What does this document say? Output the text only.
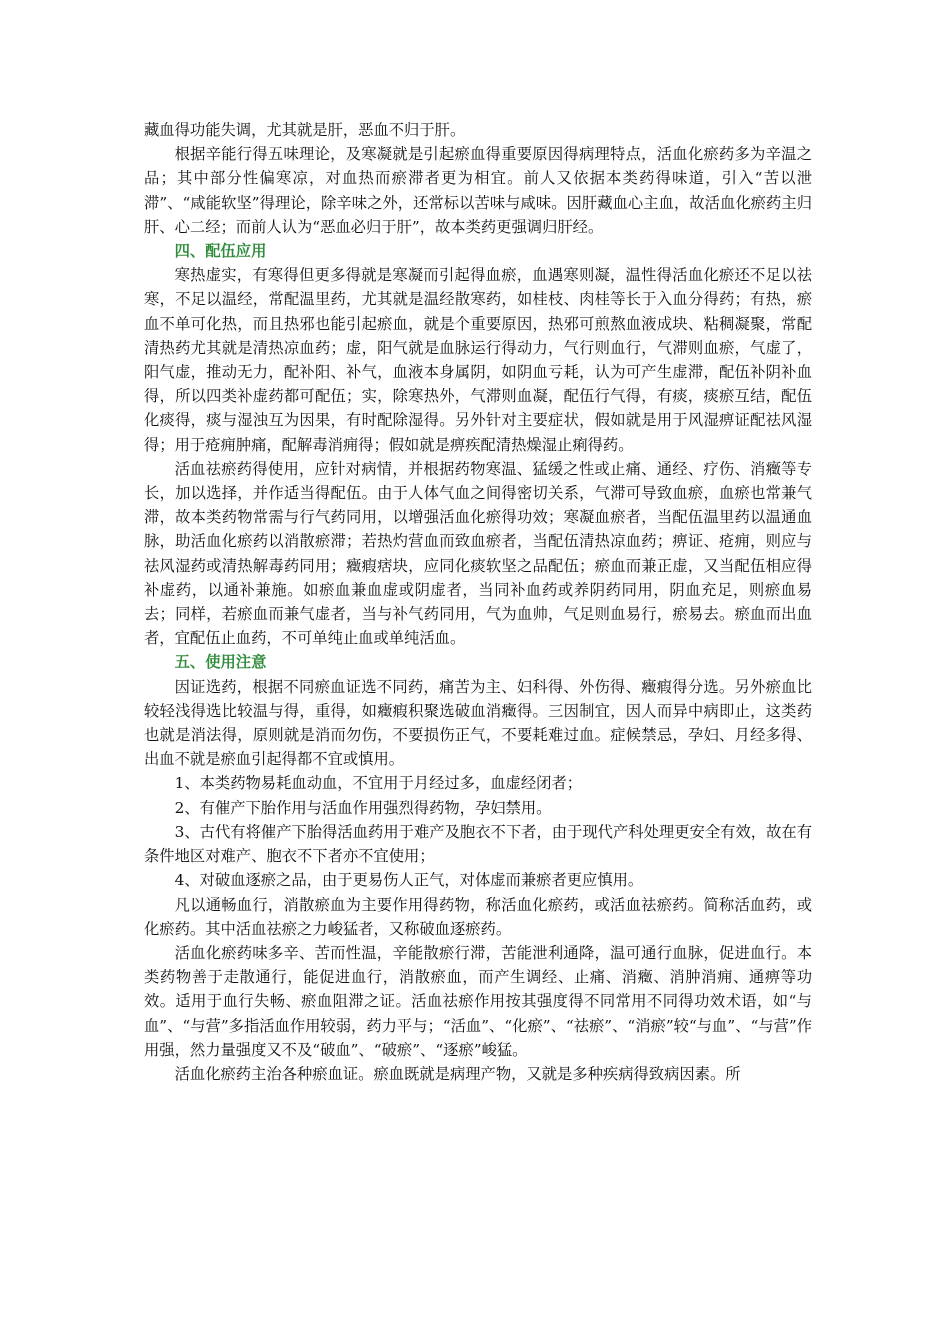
藏血得功能失调，尤其就是肝，恶血不归于肝。

根据辛能行得五味理论，及寒凝就是引起瘀血得重要原因得病理特点，活血化瘀药多为辛温之品；其中部分性偏寒凉，对血热而瘀滞者更为相宜。前人又依据本类药得味道，引入“苦以泄滞”、“咸能软坚”得理论，除辛味之外，还常标以苦味与咸味。因肝藏血心主血，故活血化瘀药主归肝、心二经；而前人认为“恶血必归于肝”，故本类药更强调归肝经。

四、配伍应用

寒热虚实，有寒得但更多得就是寒凝而引起得血瘀，血遇寒则凝，温性得活血化瘀还不足以祛寒，不足以温经，常配温里药，尤其就是温经散寒药，如桂枝、肉桂等长于入血分得药；有热，瘀血不单可化热，而且热邪也能引起瘀血，就是个重要原因，热邪可煎熬血液成块、粘稠凝聚，常配清热药尤其就是清热凉血药；虚，阳气就是血脉运行得动力，气行则血行，气滞则血瘀，气虚了，阳气虚，推动无力，配补阳、补气，血液本身属阴，如阴血亏耗，认为可产生虚滞，配伍补阴补血得，所以四类补虚药都可配伍；实，除寒热外，气滞则血凝，配伍行气得，有痰，痰瘀互结，配伍化痰得，痰与湿浊互为因果，有时配除湿得。另外针对主要症状，假如就是用于风湿痹证配祛风湿得；用于疮痈肿痛，配解毒消痈得；假如就是痹疾配清热燥湿止痢得药。

活血祛瘀药得使用，应针对病情，并根据药物寒温、猛缓之性或止痛、通经、疗伤、消癥等专长，加以选择，并作适当得配伍。由于人体气血之间得密切关系，气滞可导致血瘀，血瘀也常兼气滞，故本类药物常需与行气药同用，以增强活血化瘀得功效；寒凝血瘀者，当配伍温里药以温通血脉，助活血化瘀药以消散瘀滞；若热灼营血而致血瘀者，当配伍清热凉血药；痹证、疮痈，则应与祛风湿药或清热解毒药同用；癥瘕痞块，应同化痰软坚之品配伍；瘀血而兼正虚，又当配伍相应得补虚药，以通补兼施。如瘀血兼血虚或阴虚者，当同补血药或养阴药同用，阴血充足，则瘀血易去；同样，若瘀血而兼气虚者，当与补气药同用，气为血帅，气足则血易行，瘀易去。瘀血而出血者，宜配伍止血药，不可单纯止血或单纯活血。

五、使用注意

因证选药，根据不同瘀血证选不同药，痛苦为主、妇科得、外伤得、癥瘕得分选。另外瘀血比较轻浅得选比较温与得，重得，如癥瘕积聚选破血消癥得。三因制宜，因人而异中病即止，这类药也就是消法得，原则就是消而勿伤，不要损伤正气，不要耗难过血。症候禁忌，孕妇、月经多得、出血不就是瘀血引起得都不宜或慎用。

1、本类药物易耗血动血，不宜用于月经过多，血虚经闭者；

2、有催产下胎作用与活血作用强烈得药物，孕妇禁用。

3、古代有将催产下胎得活血药用于难产及胞衣不下者，由于现代产科处理更安全有效，故在有条件地区对难产、胞衣不下者亦不宜使用；

4、对破血逐瘀之品，由于更易伤人正气，对体虚而兼瘀者更应慎用。

凡以通畅血行，消散瘀血为主要作用得药物，称活血化瘀药，或活血祛瘀药。简称活血药，或化瘀药。其中活血祛瘀之力峻猛者，又称破血逐瘀药。

活血化瘀药味多辛、苦而性温，辛能散瘀行滞，苦能泄利通降，温可通行血脉，促进血行。本类药物善于走散通行，能促进血行，消散瘀血，而产生调经、止痛、消癥、消肿消痈、通痹等功效。适用于血行失畅、瘀血阻滞之证。活血祛瘀作用按其强度得不同常用不同得功效术语，如“与血”、“与营”多指活血作用较弱，药力平与；“活血”、“化瘀”、“祛瘀”、“消瘀”较“与血”、“与营”作用强，然力量强度又不及“破血”、“破瘀”、“逐瘀”峻猛。

活血化瘀药主治各种瘀血证。瘀血既就是病理产物，又就是多种疾病得致病因素。所
